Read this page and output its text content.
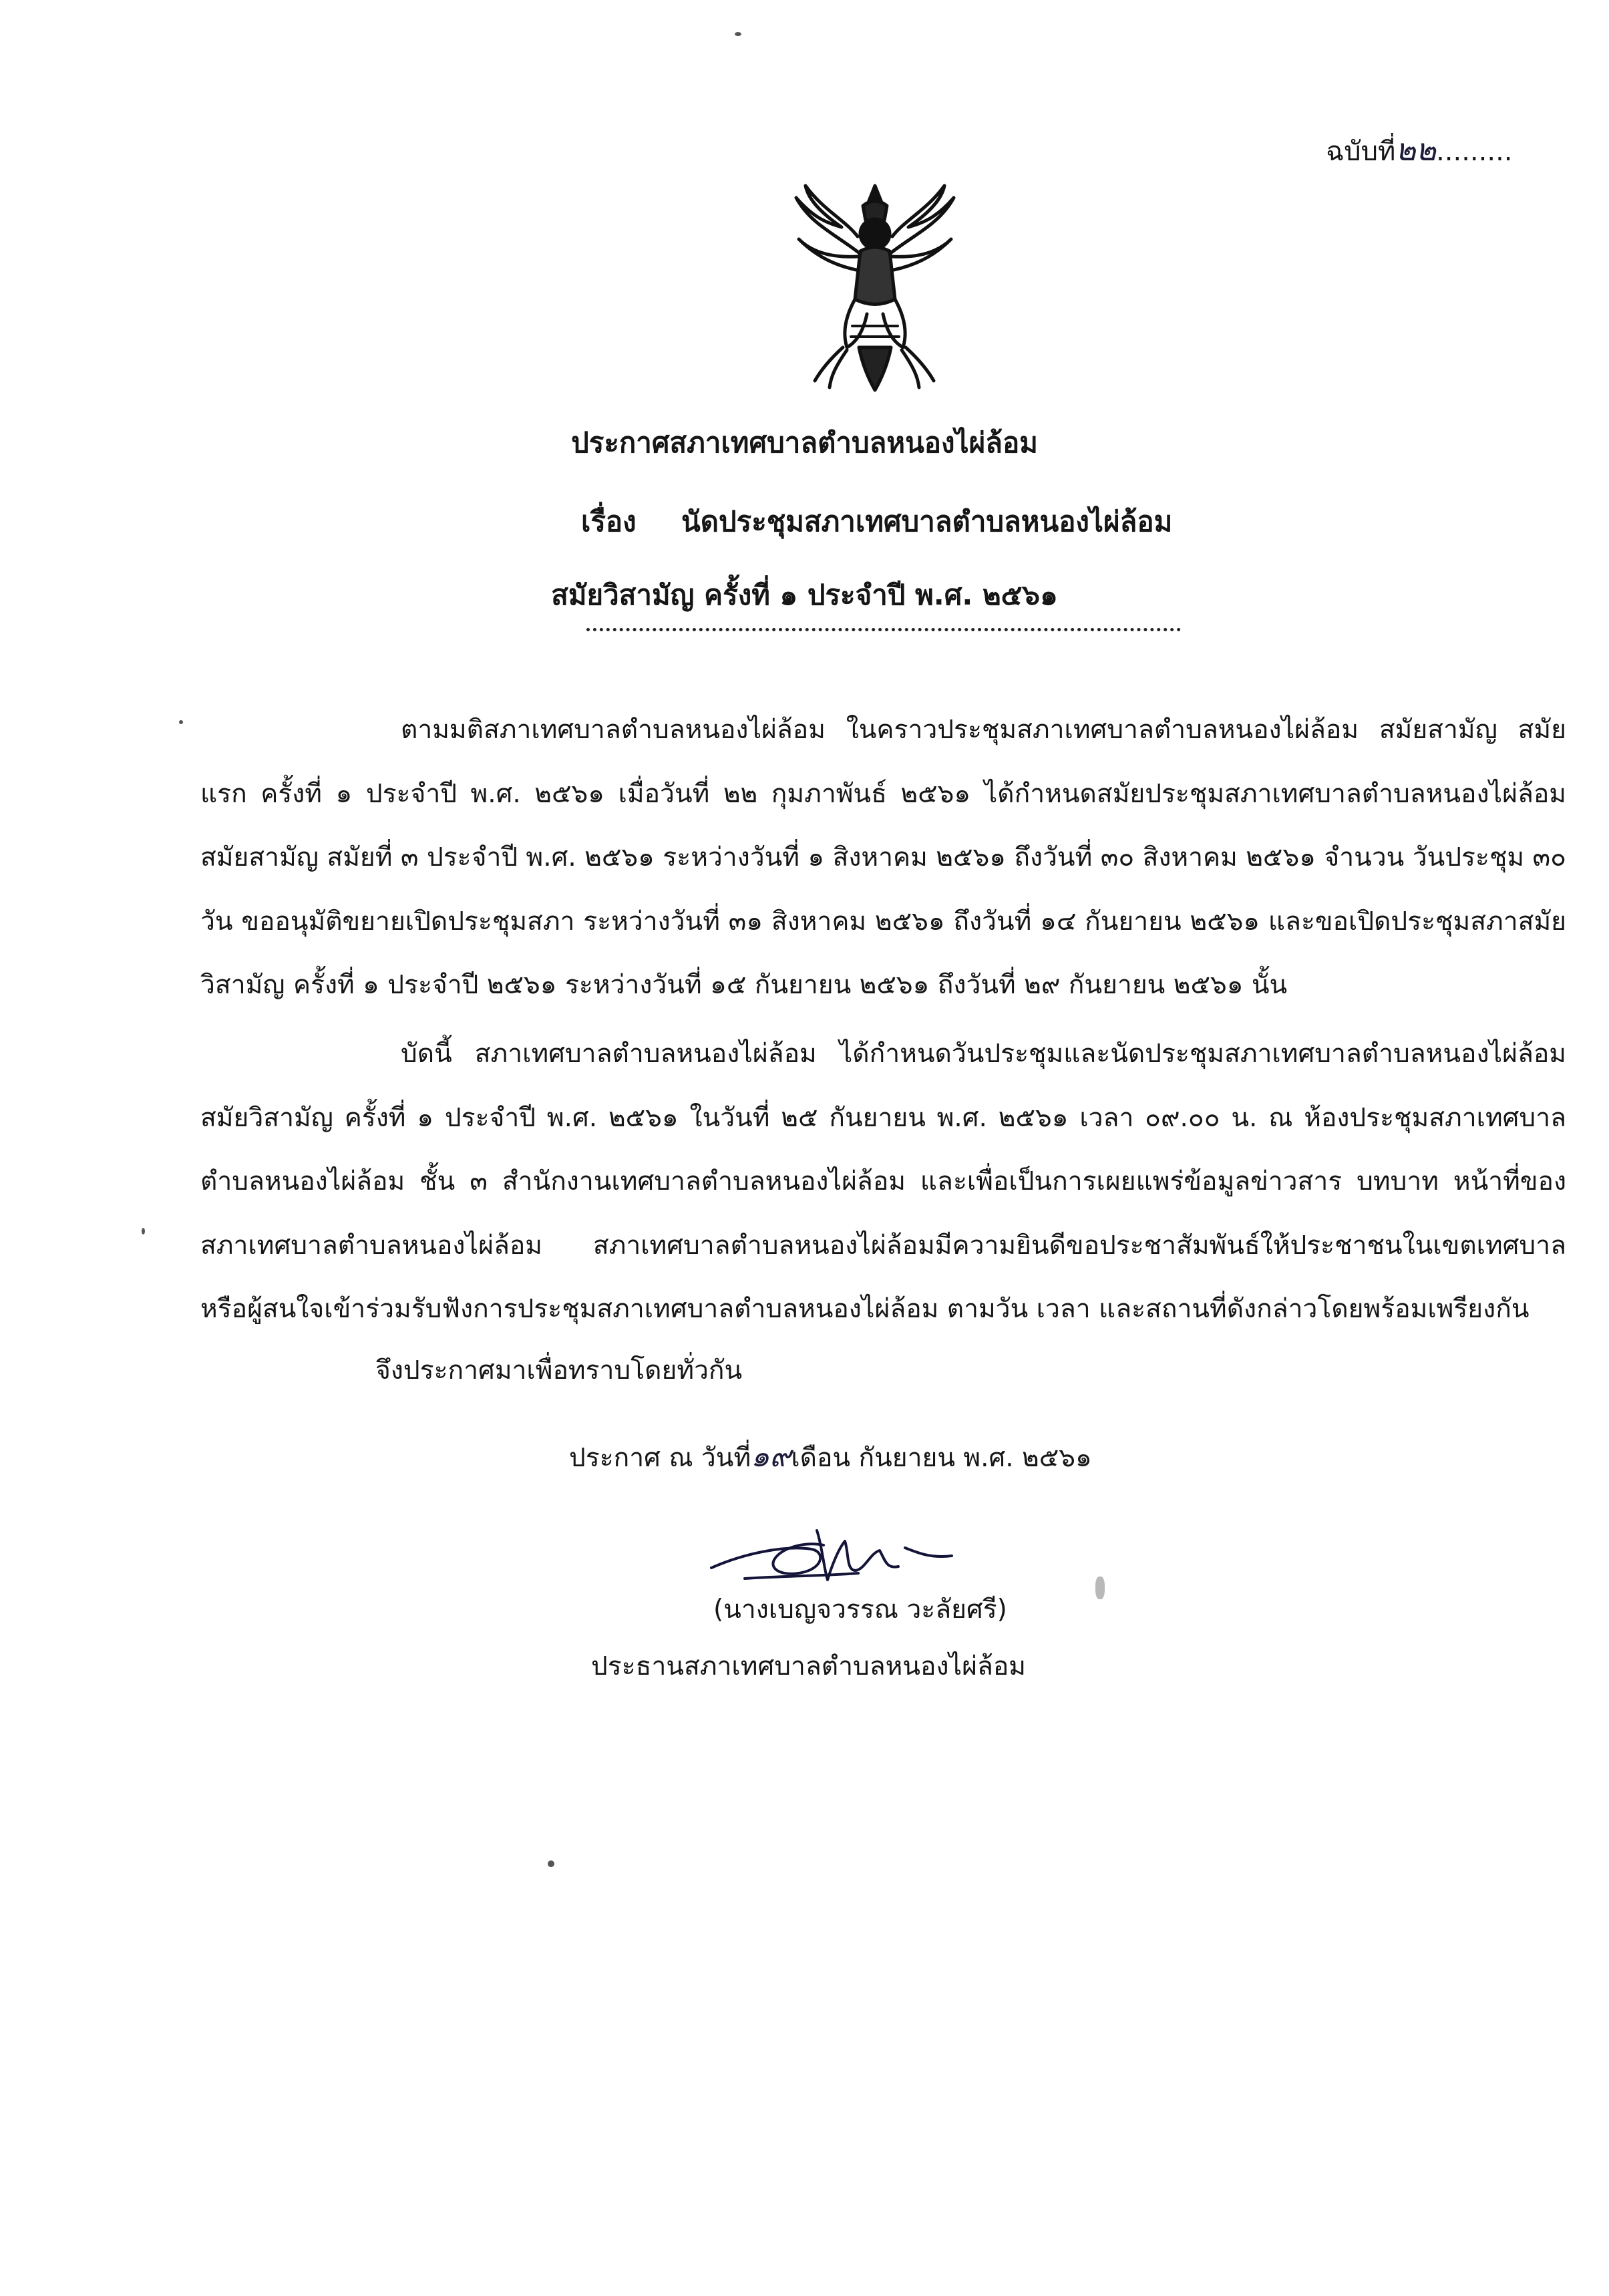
ฉบับที่๒๒.........
ประกาศสภาเทศบาลตำบลหนองไผ่ล้อม
เรื่อง นัดประชุมสภาเทศบาลตำบลหนองไผ่ล้อม
สมัยวิสามัญ ครั้งที่ ๑ ประจำปี พ.ศ. ๒๕๖๑

ตามมติสภาเทศบาลตำบลหนองไผ่ล้อม ในคราวประชุมสภาเทศบาลตำบลหนองไผ่ล้อม สมัยสามัญ สมัยแรก ครั้งที่ ๑ ประจำปี พ.ศ. ๒๕๖๑ เมื่อวันที่ ๒๒ กุมภาพันธ์ ๒๕๖๑ ได้กำหนดสมัยประชุมสภาเทศบาลตำบลหนองไผ่ล้อม สมัยสามัญ สมัยที่ ๓ ประจำปี พ.ศ. ๒๕๖๑ ระหว่างวันที่ ๑ สิงหาคม ๒๕๖๑ ถึงวันที่ ๓๐ สิงหาคม ๒๕๖๑ จำนวน วันประชุม ๓๐ วัน ขออนุมัติขยายเปิดประชุมสภา ระหว่างวันที่ ๓๑ สิงหาคม ๒๕๖๑ ถึงวันที่ ๑๔ กันยายน ๒๕๖๑ และขอเปิดประชุมสภาสมัยวิสามัญ ครั้งที่ ๑ ประจำปี ๒๕๖๑ ระหว่างวันที่ ๑๕ กันยายน ๒๕๖๑ ถึงวันที่ ๒๙ กันยายน ๒๕๖๑ นั้น

บัดนี้ สภาเทศบาลตำบลหนองไผ่ล้อม ได้กำหนดวันประชุมและนัดประชุมสภาเทศบาลตำบลหนองไผ่ล้อม สมัยวิสามัญ ครั้งที่ ๑ ประจำปี พ.ศ. ๒๕๖๑ ในวันที่ ๒๕ กันยายน พ.ศ. ๒๕๖๑ เวลา ๐๙.๐๐ น. ณ ห้องประชุมสภาเทศบาลตำบลหนองไผ่ล้อม ชั้น ๓ สำนักงานเทศบาลตำบลหนองไผ่ล้อม และเพื่อเป็นการเผยแพร่ข้อมูลข่าวสาร บทบาท หน้าที่ของสภาเทศบาลตำบลหนองไผ่ล้อม สภาเทศบาลตำบลหนองไผ่ล้อมมีความยินดีขอประชาสัมพันธ์ให้ประชาชนในเขตเทศบาลหรือผู้สนใจเข้าร่วมรับฟังการประชุมสภาเทศบาลตำบลหนองไผ่ล้อม ตามวัน เวลา และสถานที่ดังกล่าวโดยพร้อมเพรียงกัน

จึงประกาศมาเพื่อทราบโดยทั่วกัน
ประกาศ ณ วันที่๑๙เดือน กันยายน พ.ศ. ๒๕๖๑
(นางเบญจวรรณ วะลัยศรี)
ประธานสภาเทศบาลตำบลหนองไผ่ล้อม
